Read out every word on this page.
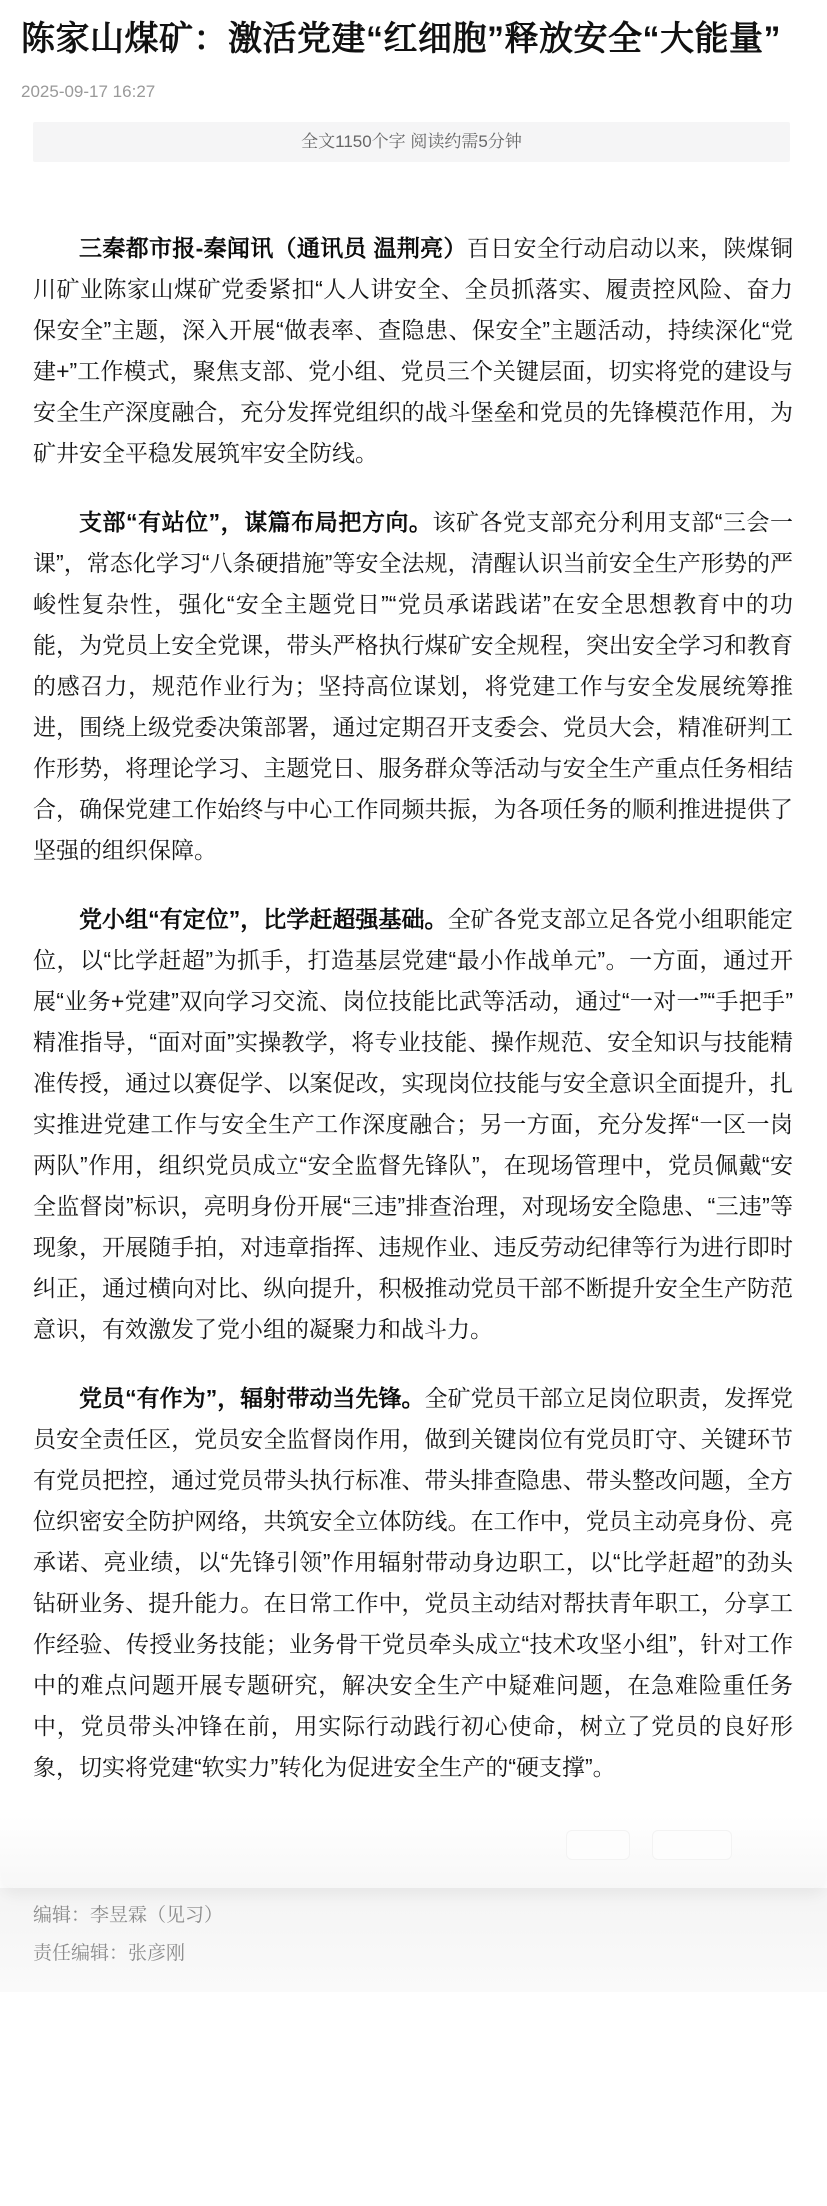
陈家山煤矿：激活党建“红细胞”释放安全“大能量”
2025-09-17 16:27
全文1150个字 阅读约需5分钟

三秦都市报-秦闻讯（通讯员 温荆亮）百日安全行动启动以来，陕煤铜川矿业陈家山煤矿党委紧扣“人人讲安全、全员抓落实、履责控风险、奋力保安全”主题，深入开展“做表率、查隐患、保安全”主题活动，持续深化“党建+”工作模式，聚焦支部、党小组、党员三个关键层面，切实将党的建设与安全生产深度融合，充分发挥党组织的战斗堡垒和党员的先锋模范作用，为矿井安全平稳发展筑牢安全防线。

支部“有站位”，谋篇布局把方向。该矿各党支部充分利用支部“三会一课”，常态化学习“八条硬措施”等安全法规，清醒认识当前安全生产形势的严峻性复杂性，强化“安全主题党日”“党员承诺践诺”在安全思想教育中的功能，为党员上安全党课，带头严格执行煤矿安全规程，突出安全学习和教育的感召力，规范作业行为；坚持高位谋划，将党建工作与安全发展统筹推进，围绕上级党委决策部署，通过定期召开支委会、党员大会，精准研判工作形势，将理论学习、主题党日、服务群众等活动与安全生产重点任务相结合，确保党建工作始终与中心工作同频共振，为各项任务的顺利推进提供了坚强的组织保障。

党小组“有定位”，比学赶超强基础。全矿各党支部立足各党小组职能定位，以“比学赶超”为抓手，打造基层党建“最小作战单元”。一方面，通过开展“业务+党建”双向学习交流、岗位技能比武等活动，通过“一对一”“手把手”精准指导，“面对面”实操教学，将专业技能、操作规范、安全知识与技能精准传授，通过以赛促学、以案促改，实现岗位技能与安全意识全面提升，扎实推进党建工作与安全生产工作深度融合；另一方面，充分发挥“一区一岗两队”作用，组织党员成立“安全监督先锋队”，在现场管理中，党员佩戴“安全监督岗”标识，亮明身份开展“三违”排查治理，对现场安全隐患、“三违”等现象，开展随手拍，对违章指挥、违规作业、违反劳动纪律等行为进行即时纠正，通过横向对比、纵向提升，积极推动党员干部不断提升安全生产防范意识，有效激发了党小组的凝聚力和战斗力。

党员“有作为”，辐射带动当先锋。全矿党员干部立足岗位职责，发挥党员安全责任区，党员安全监督岗作用，做到关键岗位有党员盯守、关键环节有党员把控，通过党员带头执行标准、带头排查隐患、带头整改问题，全方位织密安全防护网络，共筑安全立体防线。在工作中，党员主动亮身份、亮承诺、亮业绩，以“先锋引领”作用辐射带动身边职工，以“比学赶超”的劲头钻研业务、提升能力。在日常工作中，党员主动结对帮扶青年职工，分享工作经验、传授业务技能；业务骨干党员牵头成立“技术攻坚小组”，针对工作中的难点问题开展专题研究，解决安全生产中疑难问题，在急难险重任务中，党员带头冲锋在前，用实际行动践行初心使命，树立了党员的良好形象，切实将党建“软实力”转化为促进安全生产的“硬支撑”。

编辑：李昱霖（见习）
责任编辑：张彦刚
